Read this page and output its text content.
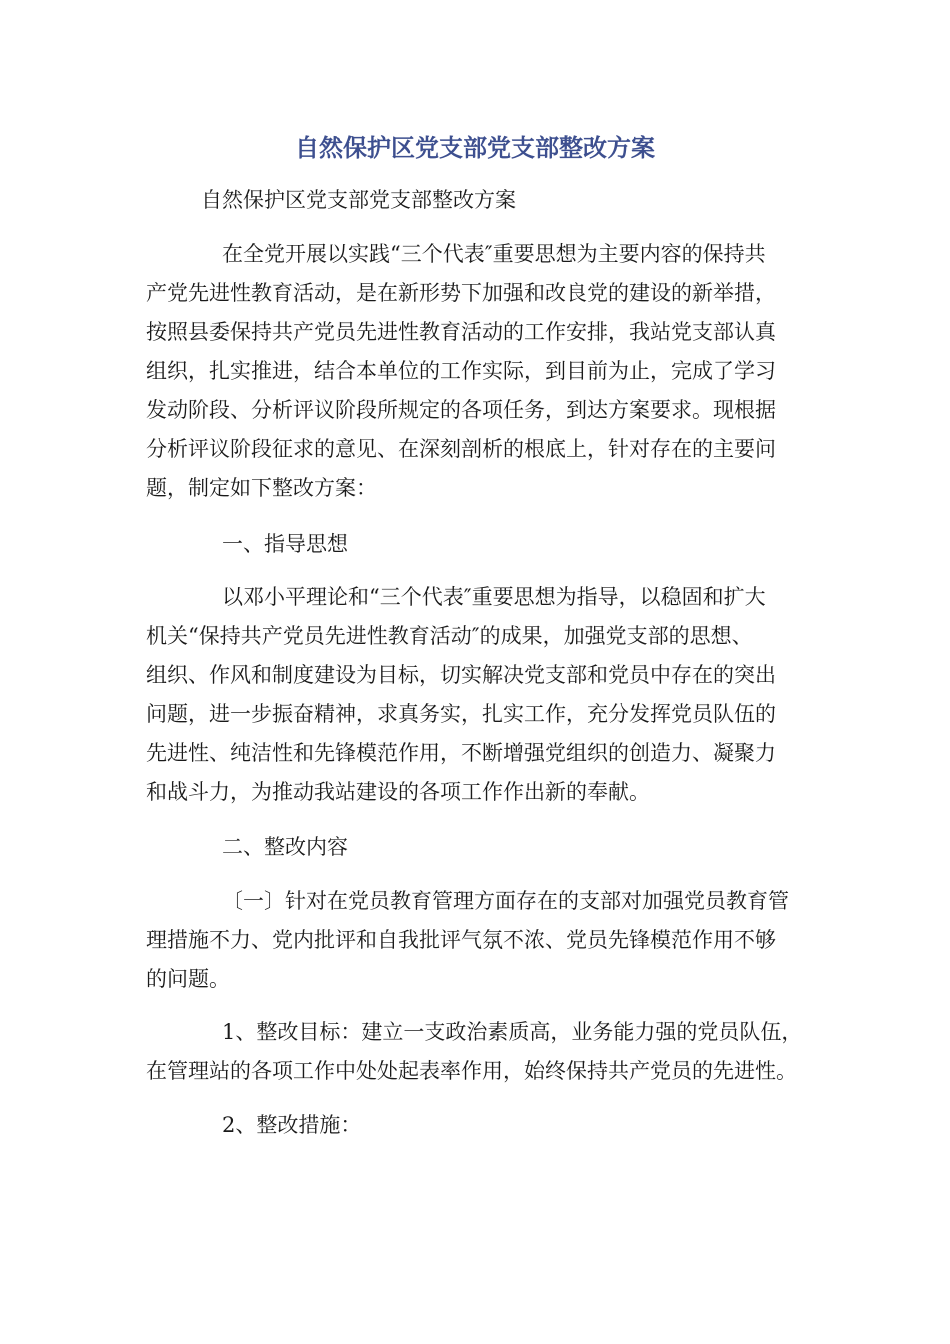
自然保护区党支部党支部整改方案

自然保护区党支部党支部整改方案

在全党开展以实践“三个代表″重要思想为主要内容的保持共
产党先进性教育活动，是在新形势下加强和改良党的建设的新举措，
按照县委保持共产党员先进性教育活动的工作安排，我站党支部认真
组织，扎实推进，结合本单位的工作实际，到目前为止，完成了学习
发动阶段、分析评议阶段所规定的各项任务，到达方案要求。现根据
分析评议阶段征求的意见、在深刻剖析的根底上，针对存在的主要问
题，制定如下整改方案：

一、指导思想

以邓小平理论和“三个代表″重要思想为指导，以稳固和扩大
机关“保持共产党员先进性教育活动″的成果，加强党支部的思想、
组织、作风和制度建设为目标，切实解决党支部和党员中存在的突出
问题，进一步振奋精神，求真务实，扎实工作，充分发挥党员队伍的
先进性、纯洁性和先锋模范作用，不断增强党组织的创造力、凝聚力
和战斗力，为推动我站建设的各项工作作出新的奉献。

二、整改内容

〔一〕针对在党员教育管理方面存在的支部对加强党员教育管
理措施不力、党内批评和自我批评气氛不浓、党员先锋模范作用不够
的问题。
1、整改目标：建立一支政治素质高，业务能力强的党员队伍，
在管理站的各项工作中处处起表率作用，始终保持共产党员的先进性。

2、整改措施：
